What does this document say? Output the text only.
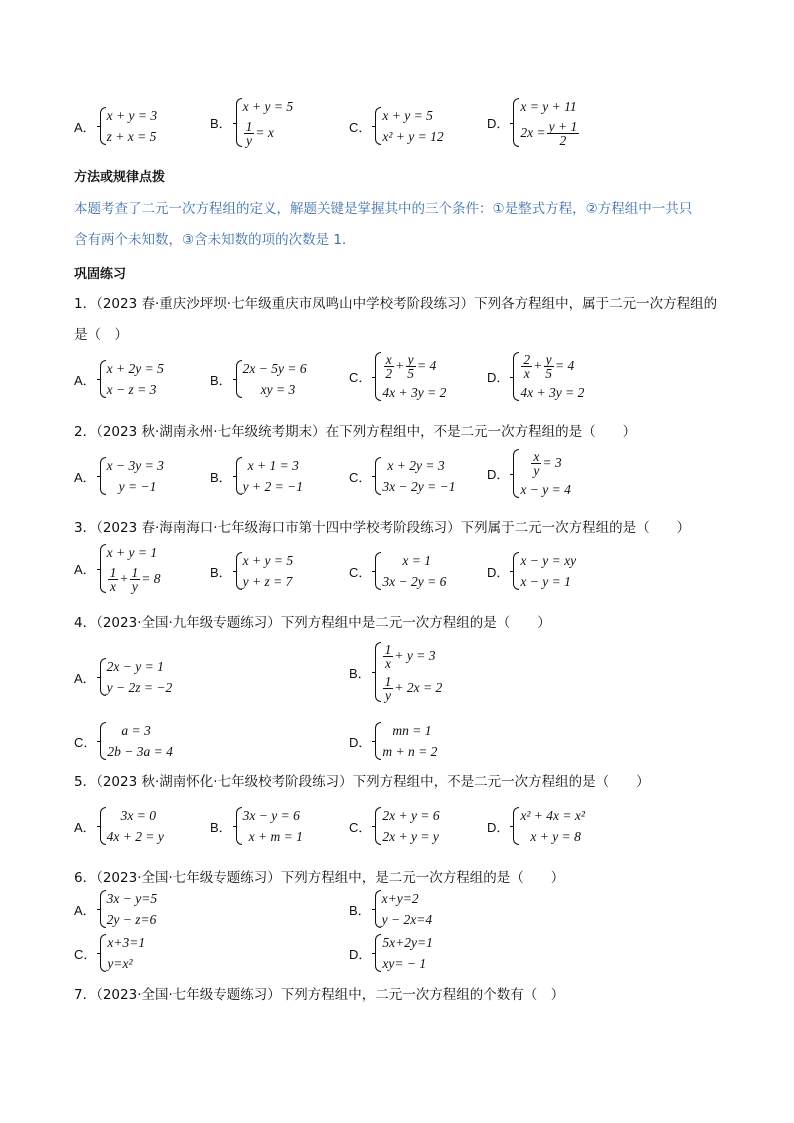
A．
x + y = 3
z + x = 5
B．
x + y = 5
$\frac{1}{y} = x$	C．
x + y = 5
x² + y = 12
D．
x = y + 11
$2x = \frac{y + 1}{2}$
方法或规律点拨
本题考查了二元一次方程组的定义，解题关键是掌握其中的三个条件：①是整式方程，②方程组中一共只
含有两个未知数，③含未知数的项的次数是 1．
巩固练习
1．（2023 春·重庆沙坪坝·七年级重庆市凤鸣山中学校考阶段练习）下列各方程组中，属于二元一次方程组的
是（　）
A．
x + 2y = 5
x − z = 3
B．
2x − 5y = 6
xy = 3
C．
x
$2 + \frac{y}{5} = 4$
4x + 3y = 2
D．
2
$x + \frac{y}{5} = 4$
4x + 3y = 2
2．（2023 秋·湖南永州·七年级统考期末）在下列方程组中，不是二元一次方程组的是（　　）
A．
x − 3y = 3
y = −1
B．
x + 1 = 3
y + 2 = −1
C．
x + 2y = 3
3x − 2y = −1
D． $\frac{x}{y} = 3$
x − y = 4
3．（2023 春·海南海口·七年级海口市第十四中学校考阶段练习）下列属于二元一次方程组的是（　　）
A．
x + y = 1
1
$x + \frac{1}{y} = 8$	B．
x + y = 5
y + z = 7
C．
x = 1
3x − 2y = 6
D．
x − y = xy
x − y = 1
4．（2023·全国·九年级专题练习）下列方程组中是二元一次方程组的是（　　）
A．
2x − y = 1
y − 2z = −2
B．
1
x + y = 3
1
y + 2x = 2
C．
a = 3
2b − 3a = 4
D．
mn = 1
m + n = 2
5．（2023 秋·湖南怀化·七年级校考阶段练习）下列方程组中，不是二元一次方程组的是（　　）
A．
3x = 0
4x + 2 = y
B．
3x − y = 6
x + m = 1
C．
2x + y = 6
2x + y = y
D．
x² + 4x = x²
x + y = 8
6．（2023·全国·七年级专题练习）下列方程组中，是二元一次方程组的是（　　）
A．
3x − y=5
2y − z=6
B．
x+y=2
y − 2x=4
C．
x+3=1
y=x²
D．
5x+2y=1
xy= − 1
7．（2023·全国·七年级专题练习）下列方程组中，二元一次方程组的个数有（　）
